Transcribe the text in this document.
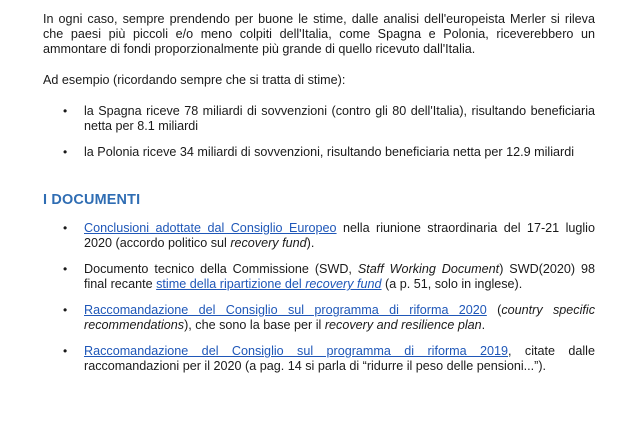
In ogni caso, sempre prendendo per buone le stime, dalle analisi dell'europeista Merler si rileva che paesi più piccoli e/o meno colpiti dell'Italia, come Spagna e Polonia, riceverebbero un ammontare di fondi proporzionalmente più grande di quello ricevuto dall'Italia.

Ad esempio (ricordando sempre che si tratta di stime):

• la Spagna riceve 78 miliardi di sovvenzioni (contro gli 80 dell'Italia), risultando beneficiaria netta per 8.1 miliardi
• la Polonia riceve 34 miliardi di sovvenzioni, risultando beneficiaria netta per 12.9 miliardi
I DOCUMENTI
• Conclusioni adottate dal Consiglio Europeo nella riunione straordinaria del 17-21 luglio 2020 (accordo politico sul recovery fund).
• Documento tecnico della Commissione (SWD, Staff Working Document) SWD(2020) 98 final recante stime della ripartizione del recovery fund (a p. 51, solo in inglese).
• Raccomandazione del Consiglio sul programma di riforma 2020 (country specific recommendations), che sono la base per il recovery and resilience plan.
• Raccomandazione del Consiglio sul programma di riforma 2019, citate dalle raccomandazioni per il 2020 (a pag. 14 si parla di “ridurre il peso delle pensioni...”).
